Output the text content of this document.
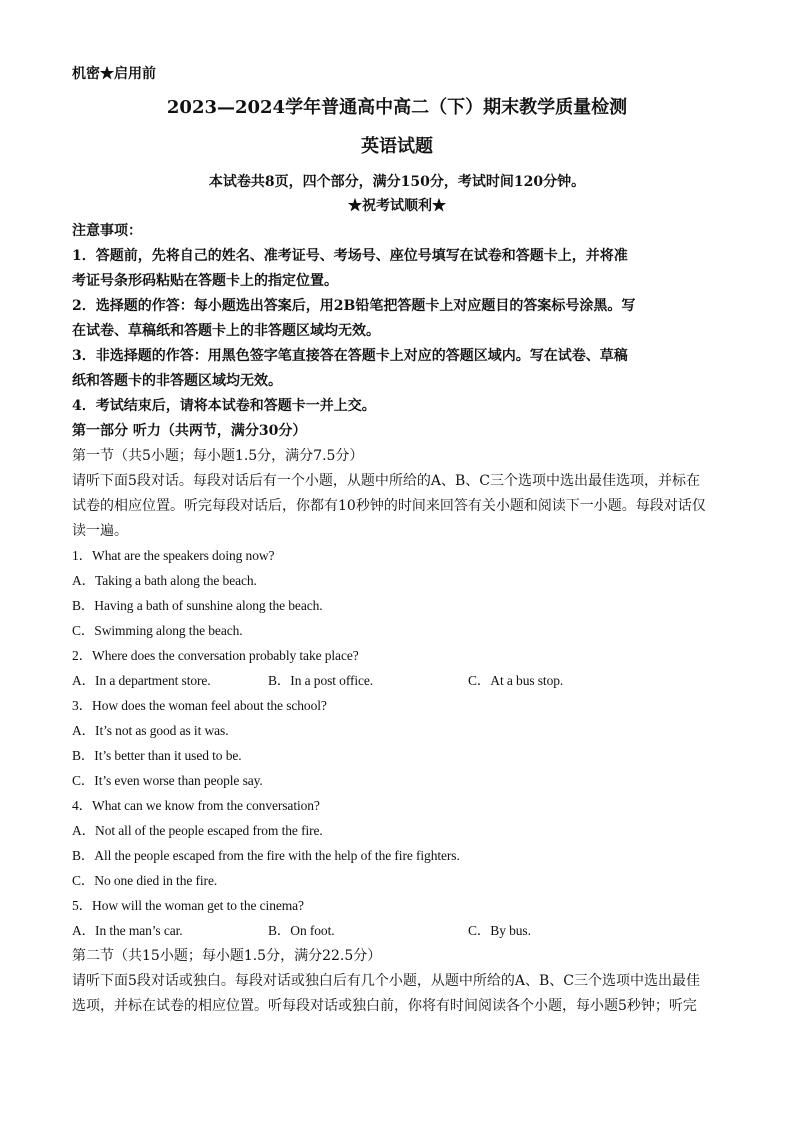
机密★启用前
2023—2024学年普通高中高二（下）期末教学质量检测
英语试题
本试卷共8页，四个部分，满分150分，考试时间120分钟。
★祝考试顺利★
注意事项：
1．答题前，先将自己的姓名、准考证号、考场号、座位号填写在试卷和答题卡上，并将准
考证号条形码粘贴在答题卡上的指定位置。
2．选择题的作答：每小题选出答案后，用2B铅笔把答题卡上对应题目的答案标号涂黑。写
在试卷、草稿纸和答题卡上的非答题区域均无效。
3．非选择题的作答：用黑色签字笔直接答在答题卡上对应的答题区域内。写在试卷、草稿
纸和答题卡的非答题区域均无效。
4．考试结束后，请将本试卷和答题卡一并上交。
第一部分 听力（共两节，满分30分）
第一节（共5小题；每小题1.5分，满分7.5分）
请听下面5段对话。每段对话后有一个小题，从题中所给的A、B、C三个选项中选出最佳选项，并标在
试卷的相应位置。听完每段对话后，你都有10秒钟的时间来回答有关小题和阅读下一小题。每段对话仅
读一遍。
1．What are the speakers doing now?
A．Taking a bath along the beach.
B．Having a bath of sunshine along the beach.
C．Swimming along the beach.
2．Where does the conversation probably take place?
A．In a department store.	B．In a post office.	C．At a bus stop.
3．How does the woman feel about the school?
A．It’s not as good as it was.
B．It’s better than it used to be.
C．It’s even worse than people say.
4．What can we know from the conversation?
A．Not all of the people escaped from the fire.
B．All the people escaped from the fire with the help of the fire fighters.
C．No one died in the fire.
5．How will the woman get to the cinema?
A．In the man’s car.	B．On foot.	C．By bus.
第二节（共15小题；每小题1.5分，满分22.5分）
请听下面5段对话或独白。每段对话或独白后有几个小题，从题中所给的A、B、C三个选项中选出最佳
选项，并标在试卷的相应位置。听每段对话或独白前，你将有时间阅读各个小题，每小题5秒钟；听完
